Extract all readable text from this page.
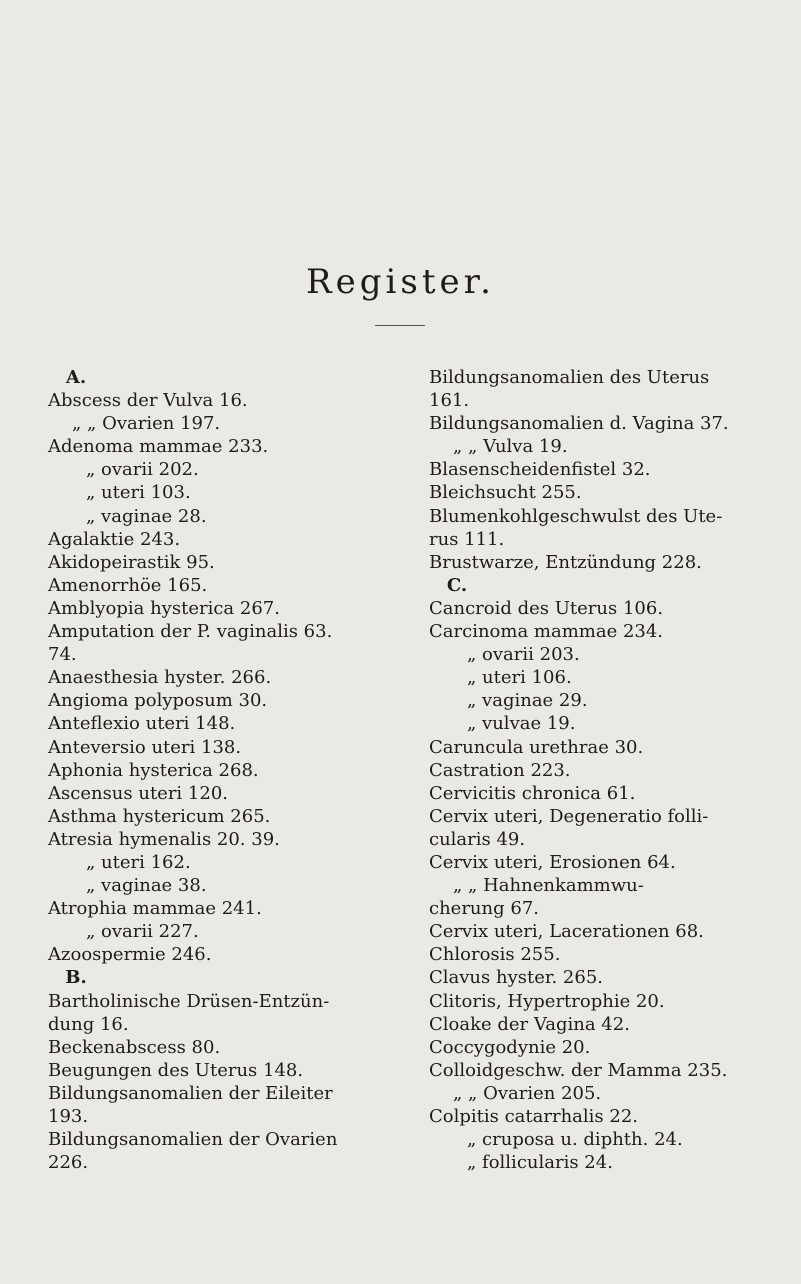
Register.
A.
Abscess der Vulva 16.
„ „ Ovarien 197.
Adenoma mammae 233.
„ ovarii 202.
„ uteri 103.
„ vaginae 28.
Agalaktie 243.
Akidopeirastik 95.
Amenorrhöe 165.
Amblyopia hysterica 267.
Amputation der P. vaginalis 63.
74.
Anaesthesia hyster. 266.
Angioma polyposum 30.
Anteflexio uteri 148.
Anteversio uteri 138.
Aphonia hysterica 268.
Ascensus uteri 120.
Asthma hystericum 265.
Atresia hymenalis 20. 39.
„ uteri 162.
„ vaginae 38.
Atrophia mammae 241.
„ ovarii 227.
Azoospermie 246.
B.
Bartholinische Drüsen-Entzün-
dung 16.
Beckenabscess 80.
Beugungen des Uterus 148.
Bildungsanomalien der Eileiter
193.
Bildungsanomalien der Ovarien
226.
Bildungsanomalien des Uterus
161.
Bildungsanomalien d. Vagina 37.
„ „ Vulva 19.
Blasenscheidenfistel 32.
Bleichsucht 255.
Blumenkohlgeschwulst des Ute-
rus 111.
Brustwarze, Entzündung 228.
C.
Cancroid des Uterus 106.
Carcinoma mammae 234.
„ ovarii 203.
„ uteri 106.
„ vaginae 29.
„ vulvae 19.
Caruncula urethrae 30.
Castration 223.
Cervicitis chronica 61.
Cervix uteri, Degeneratio folli-
cularis 49.
Cervix uteri, Erosionen 64.
„ „ Hahnenkammwu-
cherung 67.
Cervix uteri, Lacerationen 68.
Chlorosis 255.
Clavus hyster. 265.
Clitoris, Hypertrophie 20.
Cloake der Vagina 42.
Coccygodynie 20.
Colloidgeschw. der Mamma 235.
„ „ Ovarien 205.
Colpitis catarrhalis 22.
„ cruposa u. diphth. 24.
„ follicularis 24.
